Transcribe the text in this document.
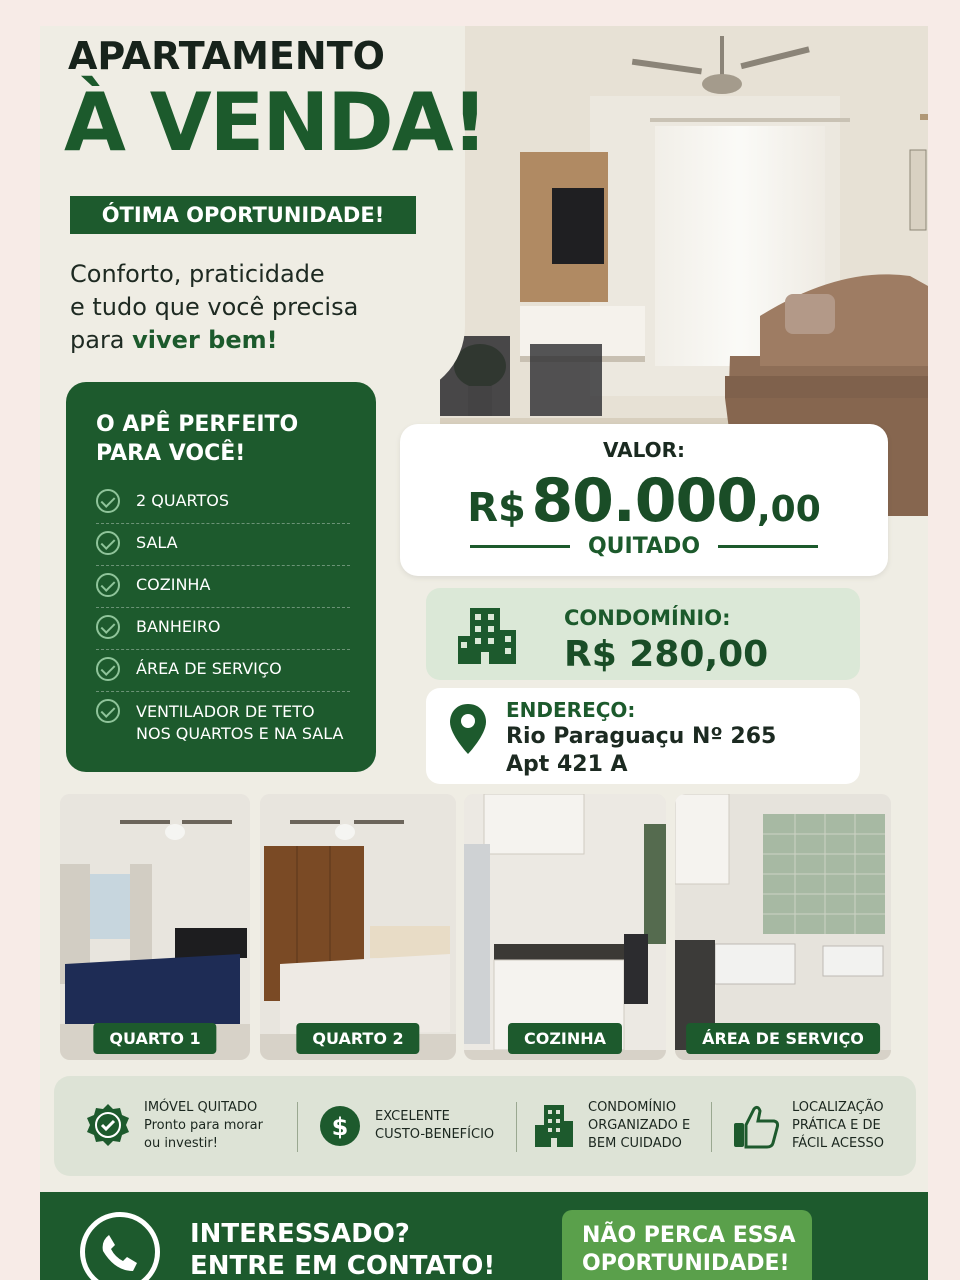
APARTAMENTO
À VENDA!
ÓTIMA OPORTUNIDADE!
Conforto, praticidade
e tudo que você precisa
para viver bem!
O APÊ PERFEITO
PARA VOCÊ!
2 QUARTOS
SALA
COZINHA
BANHEIRO
ÁREA DE SERVIÇO
VENTILADOR DE TETO
NOS QUARTOS E NA SALA
VALOR:
R$ 80.000,00
QUITADO
CONDOMÍNIO:
R$ 280,00
ENDEREÇO:
Rio Paraguaçu Nº 265
Apt 421 A
QUARTO 1	QUARTO 2	COZINHA	ÁREA DE SERVIÇO
IMÓVEL QUITADO
Pronto para morar
ou investir!
$ EXCELENTE
CUSTO-BENEFÍCIO
CONDOMÍNIO
ORGANIZADO E
BEM CUIDADO
LOCALIZAÇÃO
PRÁTICA E DE
FÁCIL ACESSO
INTERESSADO?
ENTRE EM CONTATO!
NÃO PERCA ESSA
OPORTUNIDADE!
